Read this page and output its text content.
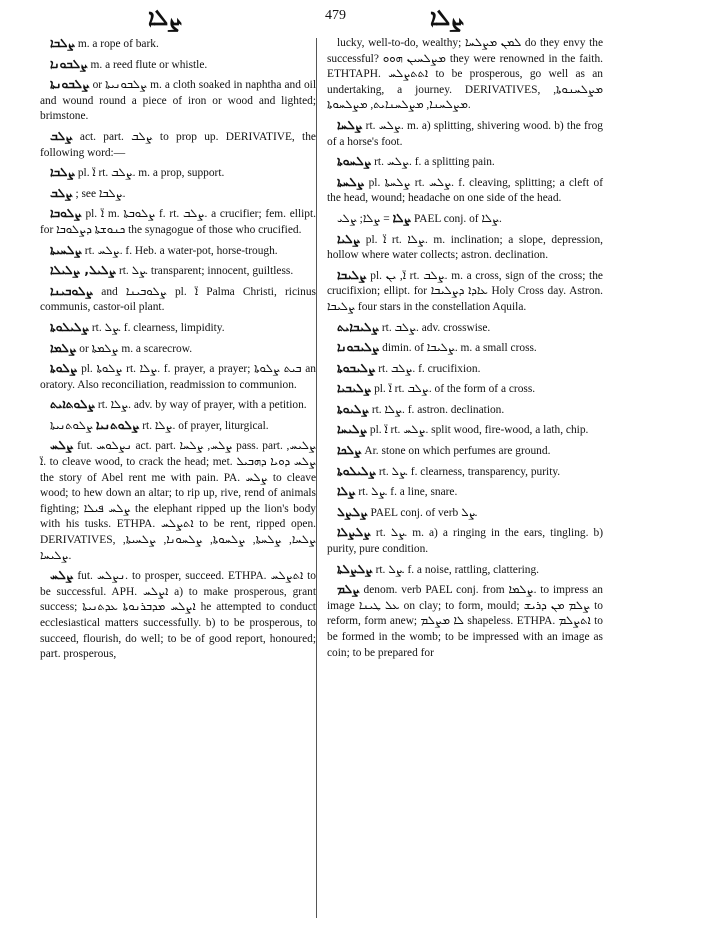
ܨܠܐ	479	ܨܠܐ

ܨܠܒܐ m. a rope of bark.

ܨܠܒܘܢܐ m. a reed flute or whistle.

ܨܠܒܘܢܬܐ or ܨܠܒܘܢܝܬܐ m. a cloth soaked in naphtha and oil and wound round a piece of iron or wood and lighted; brimstone.

ܨܠܒ act. part. ܨܠܒ to prop up. DERIVATIVE, the following word:—

ܨܠܒܐ pl. ܐ̈ rt. ܨܠܒ. m. a prop, support.

ܨܠܒ ; see ܨܠܒܐ.

ܨܠܘܒܐ pl. ܐ̈ m. ܨܠܘܒܬܐ f. rt. ܨܠܒ. a crucifier; fem. ellipt. for ܟܢܘܫܬܐ ܕܨܠܘܒܐ the synagogue of those who crucified.

ܨܠܚܝܬܐ rt. ܨܠܚ. f. Heb. a water-pot, horse-trough.

ܨܠܝܠ, ܨܠܝܠܐ rt. ܨܠ. transparent; innocent, guiltless.

ܨܠܘܒܝܢܐ and ܨܠܘܒܝܢܐ pl. ܐ̈ Palma Christi, ricinus communis, castor-oil plant.

ܨܠܝܠܘܬܐ rt. ܨܠ. f. clearness, limpidity.

ܨܠܡܐ or ܨܠܡܬܐ m. a scarecrow.

ܨܠܘܬܐ pl. ܨܠܘܬܐ rt. ܨܠܐ. f. prayer, a prayer; ܒܝܬ ܨܠܘܬܐ an oratory. Also reconciliation, readmission to communion.

ܨܠܘܬܐܝܬ rt. ܨܠܐ. adv. by way of prayer, with a petition.

ܨܠܘܬܢܝܐ ܨܠܘܬܢܝܬܐ rt. ܨܠܐ. of prayer, liturgical.

ܨܠܚ fut. ܢܨܠܘܚ act. part. ܨܠܚ, ܨܠܚܐ pass. part. ܨܠܝܚ, ܐ̈. to cleave wood, to crack the head; met. ܨܠܚ ܕܘܝܐ ܕܗܒܝܠ the story of Abel rent me with pain. PA. ܨܠܚ to cleave wood; to hew down an altar; to rip up, rive, rend of animals fighting; ܨܠܚ ܦܝܠܐ the elephant ripped up the lion's body with his tusks. ETHPA. ܐܬܨܠܚ to be rent, ripped open. DERIVATIVES, ܨܠܚܐ, ܨܠܚܬܐ, ܨܠܚܘܬܐ, ܨܠܚܘܢܐ, ܨܠܚܝܬܐ, ܨܠܝܚܐ.

ܨܠܚ fut. ܢܨܠܚ. to prosper, succeed. ETHPA. ܐܬܨܠܚ to be successful. APH. ܐܨܠܚ a) to make prosperous, grant success; ܐܨܠܚ ܡܕܒܪܢܘܬܐ ܥܕܬܢܝܬܐ he attempted to conduct ecclesiastical matters successfully. b) to be prosperous, to succeed, flourish, do well; to be of good report, honoured; part. prosperous,

lucky, well-to-do, wealthy; ܠܡܢ ܡܨܠܚܐ do they envy the successful? ܡܨܠܚܝܢ ܗܘܘ they were renowned in the faith. ETHTAPH. ܐܬܬܨܠܚ to be prosperous, go well as an undertaking, a journey. DERIVATIVES, ܡܨܠܚܢܘܬܐ, ܡܨܠܚܢܐ, ܡܨܠܚܢܐܝܬ, ܡܨܠܚܘܬܐ.

ܨܠܚܐ rt. ܨܠܚ. m. a) splitting, shivering wood. b) the frog of a horse's foot.

ܨܠܚܘܬܐ rt. ܨܠܚ. f. a splitting pain.

ܨܠܚܬܐ pl. ܨܠܚܬܐ rt. ܨܠܚ. f. cleaving, splitting; a cleft of the head, wound; headache on one side of the head.

ܨܠܐ = ܨܠܐ; ܨܠܝ PAEL conj. of ܨܠܐ.

ܨܠܝܐ pl. ܐ̈ rt. ܨܠܐ. m. inclination; a slope, depression, hollow where water collects; astron. declination.

ܨܠܝܒܐ pl. ܐ̈, ܝܢ rt. ܨܠܒ. m. a cross, sign of the cross; the crucifixion; ellipt. for ܥܐܕܐ ܕܨܠܝܒܐ Holy Cross day. Astron. ܨܠܝܒܐ four stars in the constellation Aquila.

ܨܠܝܒܐܝܬ rt. ܨܠܒ. adv. crosswise.

ܨܠܝܒܘܢܐ dimin. of ܨܠܝܒܐ. m. a small cross.

ܨܠܝܒܘܬܐ rt. ܨܠܒ. f. crucifixion.

ܨܠܝܒܝܐ pl. ܐ̈ rt. ܨܠܒ. of the form of a cross.

ܨܠܝܘܬܐ rt. ܨܠܐ. f. astron. declination.

ܨܠܝܚܐ pl. ܐ̈ rt. ܨܠܚ. split wood, fire-wood, a lath, chip.

ܨܠܟܐ Ar. stone on which perfumes are ground.

ܨܠܝܠܘܬܐ rt. ܨܠ. f. clearness, transparency, purity.

ܨܠܐ rt. ܨܠ. f. a line, snare.

ܨܠܨܠ PAEL conj. of verb ܨܠ.

ܨܠܨܠܐ rt. ܨܠ. m. a) a ringing in the ears, tingling. b) purity, pure condition.

ܨܠܨܠܬܐ rt. ܨܠ. f. a noise, rattling, clattering.

ܨܠܡ denom. verb PAEL conj. from ܨܠܡܐ. to impress an image ܥܠ ܛܝܢܐ on clay; to form, mould; ܨܠܡ ܡܢ ܕܪܝܫ to reform, form anew; ܠܐ ܡܨܠܡ shapeless. ETHPA. ܐܬܨܠܡ to be formed in the womb; to be impressed with an image as coin; to be prepared for
